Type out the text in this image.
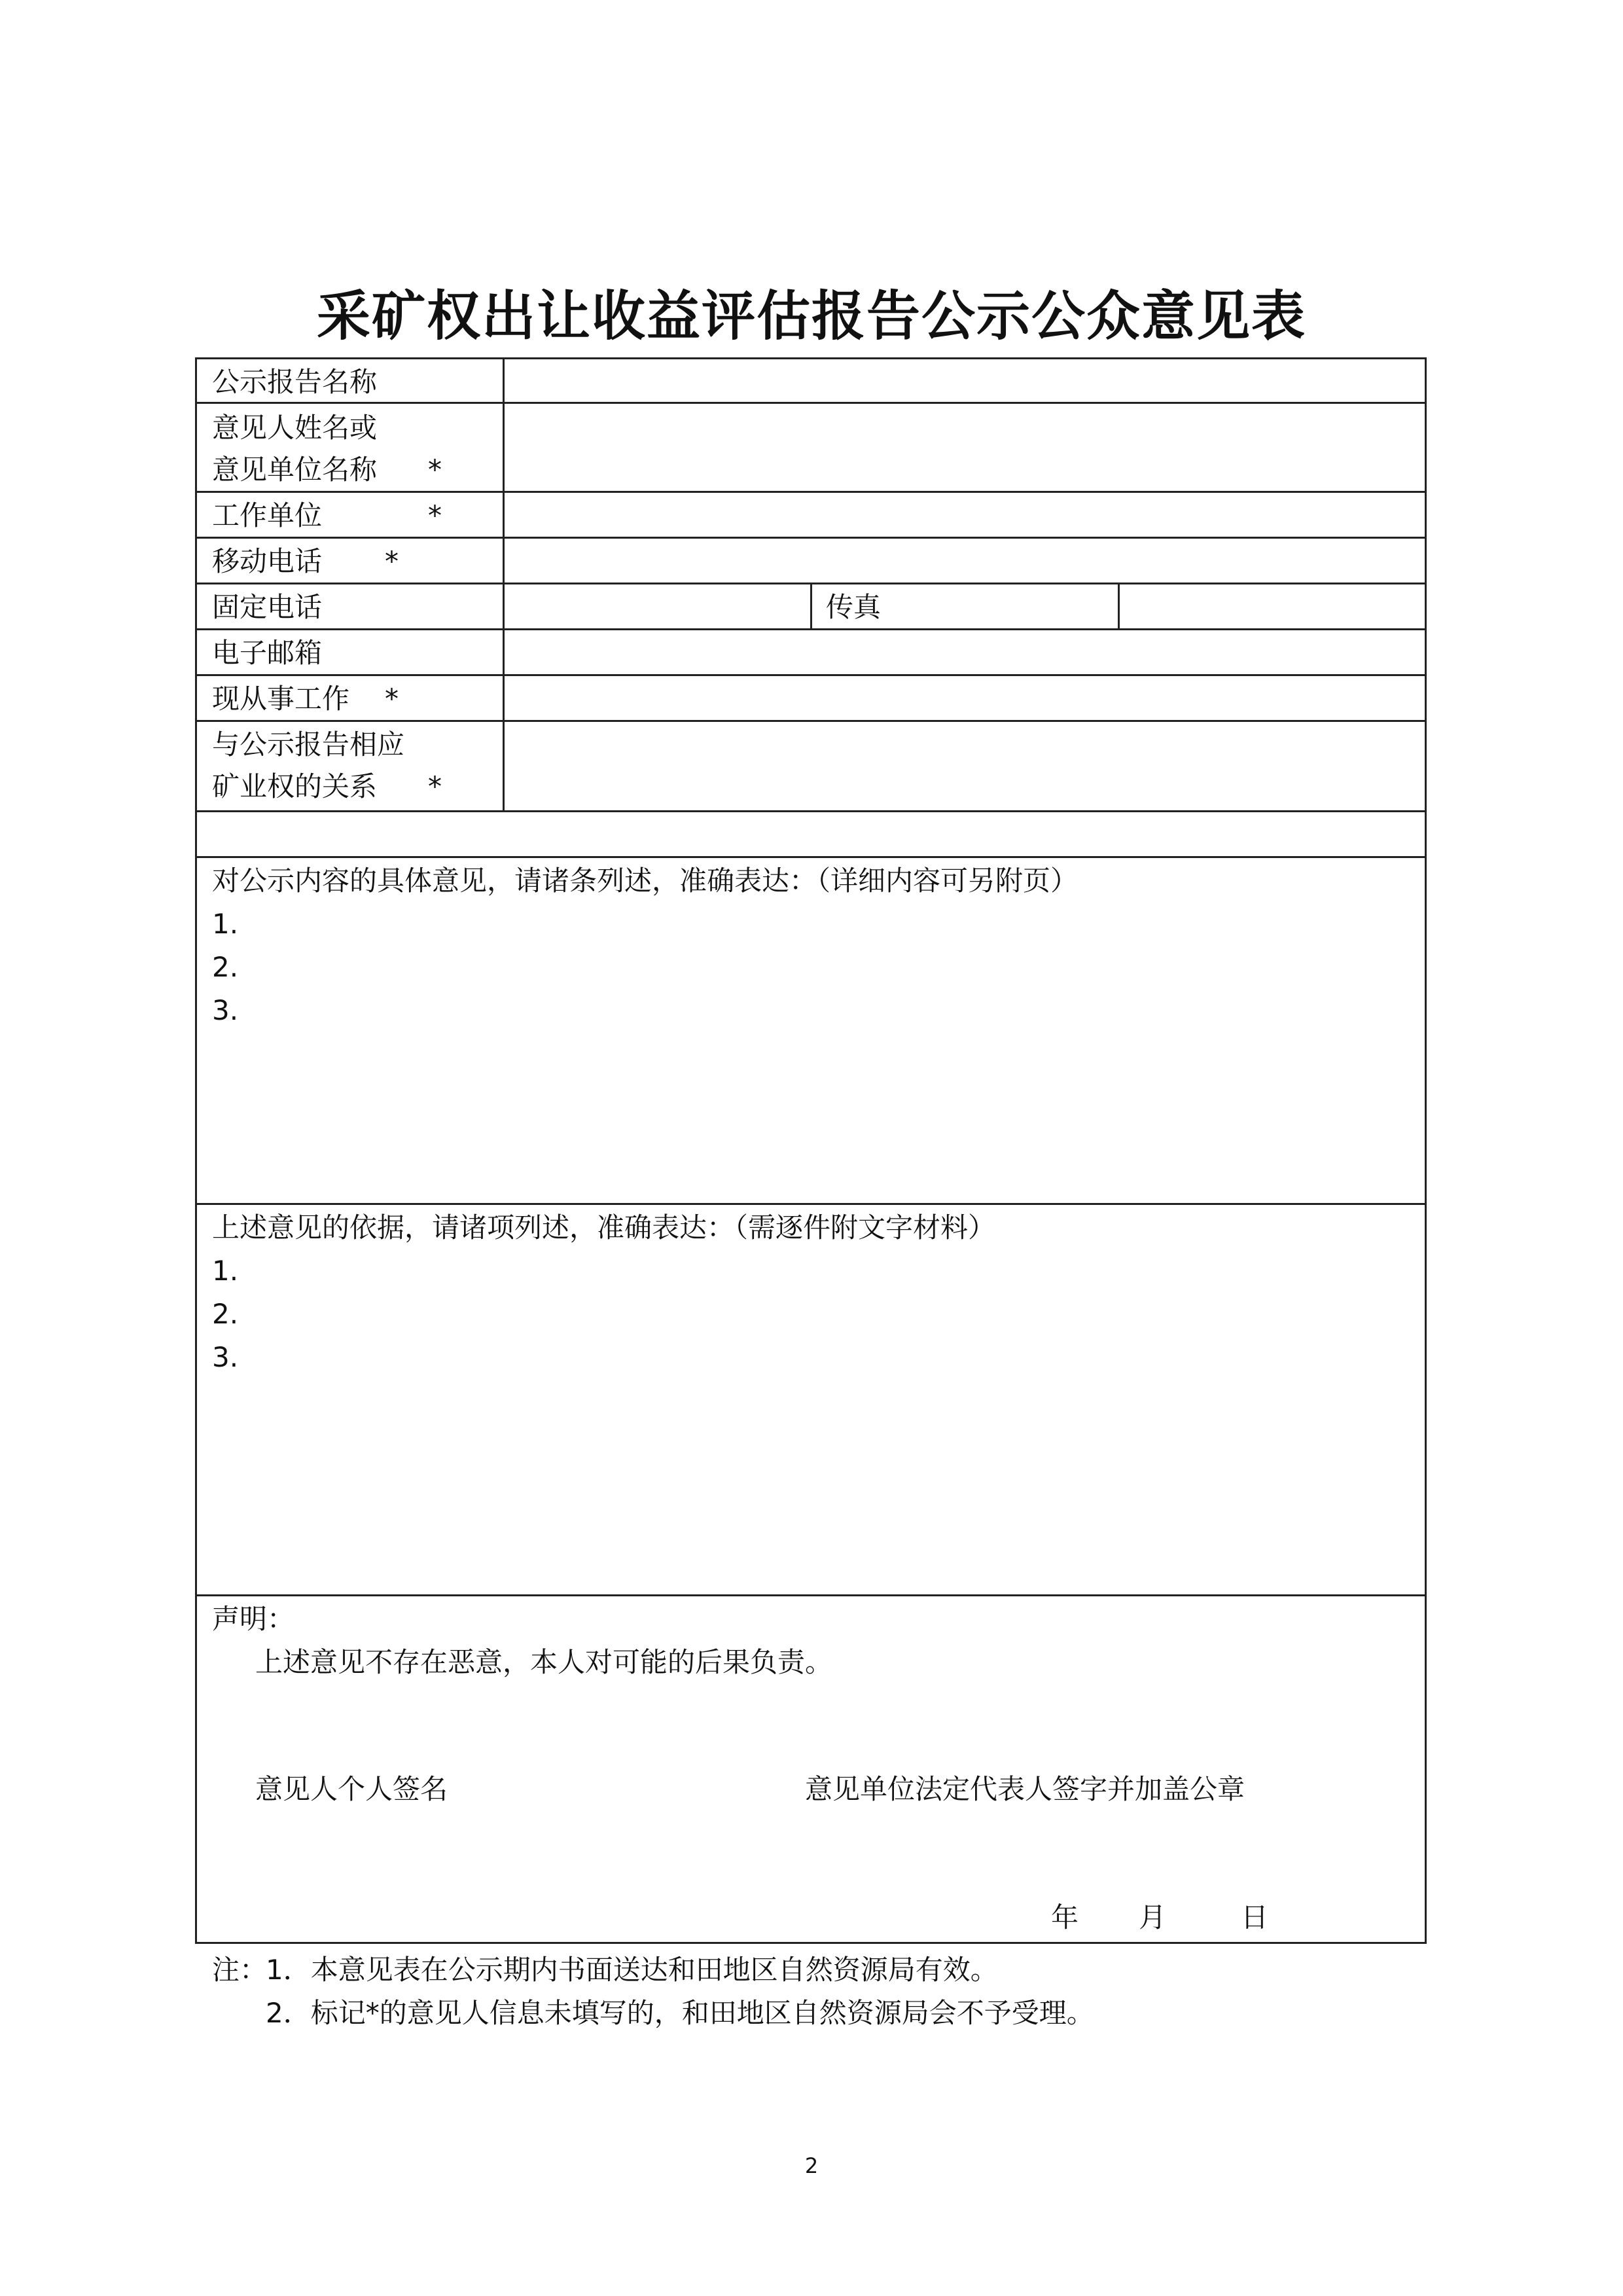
采矿权出让收益评估报告公示公众意见表
公示报告名称
意见人姓名或
意见单位名称 *
工作单位	*
移动电话 *
固定电话	传真
电子邮箱
现从事工作 *
与公示报告相应
矿业权的关系 *
对公示内容的具体意见，请诸条列述，准确表达：（详细内容可另附页）
1.
2.
3.
上述意见的依据，请诸项列述，准确表达：（需逐件附文字材料）
1.
2.
3.
声明：
上述意见不存在恶意，本人对可能的后果负责。
意见人个人签名	意见单位法定代表人签字并加盖公章
年 月	日
注：
1．本意见表在公示期内书面送达和田地区自然资源局有效。
2．标记*的意见人信息未填写的，和田地区自然资源局会不予受理。
2
